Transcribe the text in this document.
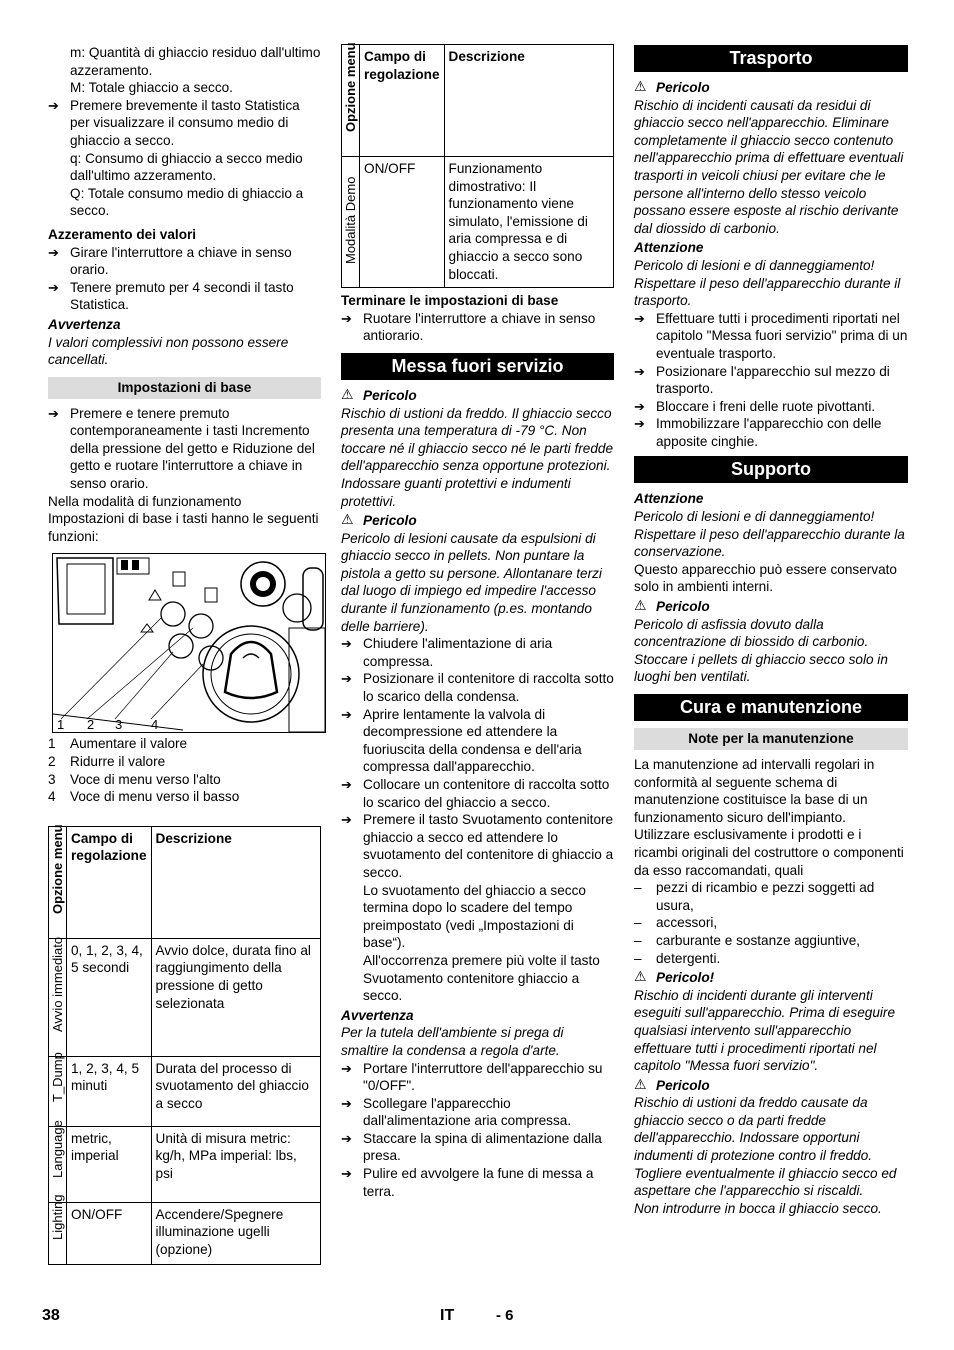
m: Quantità di ghiaccio residuo dall'ultimo azzeramento.

M: Totale ghiaccio a secco.

➔ Premere brevemente il tasto Statistica per visualizzare il consumo medio di ghiaccio a secco.

q: Consumo di ghiaccio a secco medio dall'ultimo azzeramento.

Q: Totale consumo medio di ghiaccio a secco.

Azzeramento dei valori

➔ Girare l'interruttore a chiave in senso orario.

➔ Tenere premuto per 4 secondi il tasto Statistica.

Avvertenza

I valori complessivi non possono essere cancellati.

Impostazioni di base

➔ Premere e tenere premuto contemporaneamente i tasti Incremento della pressione del getto e Riduzione del getto e ruotare l'interruttore a chiave in senso orario.

Nella modalità di funzionamento Impostazioni di base i tasti hanno le seguenti funzioni:

1 2 3 4

1 Aumentare il valore

2 Ridurre il valore

3 Voce di menu verso l'alto

4 Voce di menu verso il basso

Opzione menu	Campo di regolazione	Descrizione

Avvio immediato	0, 1, 2, 3, 4, 5 secondi	Avvio dolce, durata fino al raggiungimento della pressione di getto selezionata

T_Dump	1, 2, 3, 4, 5 minuti	Durata del processo di svuotamento del ghiaccio a secco

Language	metric, imperial	Unità di misura metric: kg/h, MPa imperial: lbs, psi

Lighting	ON/OFF	Accendere/Spegnere illuminazione ugelli (opzione)
Opzione menu	Campo di regolazione	Descrizione

Modalità Demo	ON/OFF	Funzionamento dimostrativo: Il funzionamento viene simulato, l'emissione di aria compressa e di ghiaccio a secco sono bloccati.

Terminare le impostazioni di base

➔ Ruotare l'interruttore a chiave in senso antiorario.

Messa fuori servizio

⚠ Pericolo

Rischio di ustioni da freddo. Il ghiaccio secco presenta una temperatura di -79 °C. Non toccare né il ghiaccio secco né le parti fredde dell'apparecchio senza opportune protezioni. Indossare guanti protettivi e indumenti protettivi.

⚠ Pericolo

Pericolo di lesioni causate da espulsioni di ghiaccio secco in pellets. Non puntare la pistola a getto su persone. Allontanare terzi dal luogo di impiego ed impedire l'accesso durante il funzionamento (p.es. montando delle barriere).

➔ Chiudere l'alimentazione di aria compressa.

➔ Posizionare il contenitore di raccolta sotto lo scarico della condensa.

➔ Aprire lentamente la valvola di decompressione ed attendere la fuoriuscita della condensa e dell'aria compressa dall'apparecchio.

➔ Collocare un contenitore di raccolta sotto lo scarico del ghiaccio a secco.

➔ Premere il tasto Svuotamento contenitore ghiaccio a secco ed attendere lo svuotamento del contenitore di ghiaccio a secco.

Lo svuotamento del ghiaccio a secco termina dopo lo scadere del tempo preimpostato (vedi „Impostazioni di base“).

All'occorrenza premere più volte il tasto Svuotamento contenitore ghiaccio a secco.

Avvertenza

Per la tutela dell'ambiente si prega di smaltire la condensa a regola d'arte.

➔ Portare l'interruttore dell'apparecchio su "0/OFF".

➔ Scollegare l'apparecchio dall'alimentazione aria compressa.

➔ Staccare la spina di alimentazione dalla presa.

➔ Pulire ed avvolgere la fune di messa a terra.

Trasporto

⚠ Pericolo

Rischio di incidenti causati da residui di ghiaccio secco nell'apparecchio. Eliminare completamente il ghiaccio secco contenuto nell'apparecchio prima di effettuare eventuali trasporti in veicoli chiusi per evitare che le persone all'interno dello stesso veicolo possano essere esposte al rischio derivante dal diossido di carbonio.

Attenzione

Pericolo di lesioni e di danneggiamento! Rispettare il peso dell'apparecchio durante il trasporto.

➔ Effettuare tutti i procedimenti riportati nel capitolo "Messa fuori servizio" prima di un eventuale trasporto.

➔ Posizionare l'apparecchio sul mezzo di trasporto.

➔ Bloccare i freni delle ruote pivottanti.

➔ Immobilizzare l'apparecchio con delle apposite cinghie.

Supporto

Attenzione

Pericolo di lesioni e di danneggiamento! Rispettare il peso dell'apparecchio durante la conservazione.

Questo apparecchio può essere conservato solo in ambienti interni.

⚠ Pericolo

Pericolo di asfissia dovuto dalla concentrazione di biossido di carbonio. Stoccare i pellets di ghiaccio secco solo in luoghi ben ventilati.

Cura e manutenzione
Note per la manutenzione

La manutenzione ad intervalli regolari in conformità al seguente schema di manutenzione costituisce la base di un funzionamento sicuro dell'impianto.

Utilizzare esclusivamente i prodotti e i ricambi originali del costruttore o componenti da esso raccomandati, quali

– pezzi di ricambio e pezzi soggetti ad usura,

– accessori,

– carburante e sostanze aggiuntive,

– detergenti.

⚠ Pericolo!

Rischio di incidenti durante gli interventi eseguiti sull'apparecchio. Prima di eseguire qualsiasi intervento sull'apparecchio effettuare tutti i procedimenti riportati nel capitolo "Messa fuori servizio".

⚠ Pericolo

Rischio di ustioni da freddo causate da ghiaccio secco o da parti fredde dell'apparecchio. Indossare opportuni indumenti di protezione contro il freddo. Togliere eventualmente il ghiaccio secco ed aspettare che l'apparecchio si riscaldi.

Non introdurre in bocca il ghiaccio secco.

38	IT	- 6
